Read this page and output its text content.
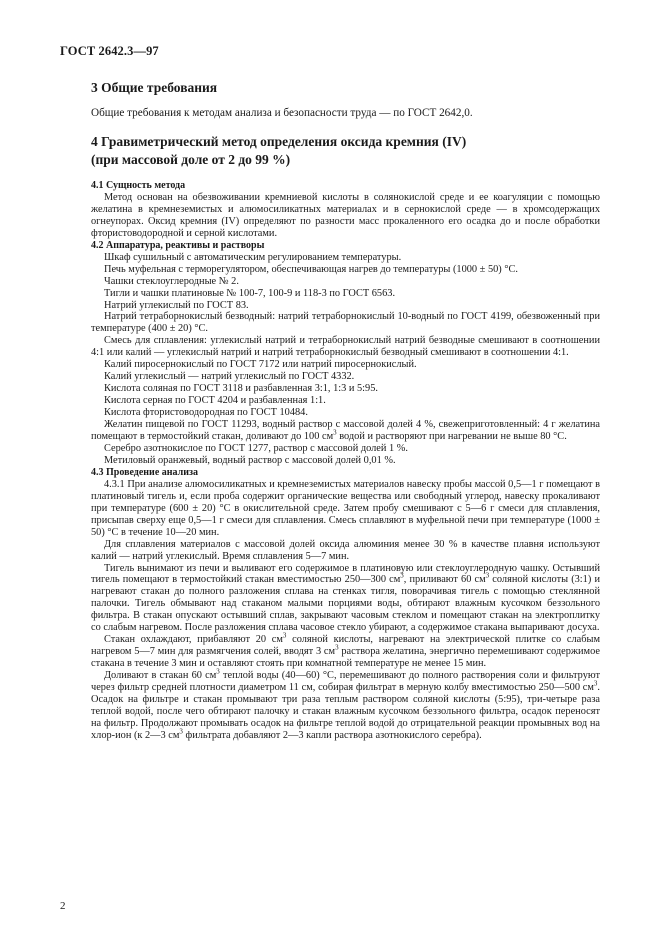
ГОСТ 2642.3—97
3 Общие требования
Общие требования к методам анализа и безопасности труда — по ГОСТ 2642,0.
4 Гравиметрический метод определения оксида кремния (IV)
(при массовой доле от 2 до 99 %)

4.1 Сущность метода

Метод основан на обезвоживании кремниевой кислоты в солянокислой среде и ее коагуляции с помощью желатина в кремнеземистых и алюмосиликатных материалах и в сернокислой среде — в хромсодержащих огнеупорах. Оксид кремния (IV) определяют по разности масс прокаленного его осадка до и после обработки фтористоводородной и серной кислотами.

4.2 Аппаратура, реактивы и растворы

Шкаф сушильный с автоматическим регулированием температуры.

Печь муфельная с терморегулятором, обеспечивающая нагрев до температуры (1000 ± 50) °С.

Чашки стеклоуглеродные № 2.

Тигли и чашки платиновые № 100-7, 100-9 и 118-3 по ГОСТ 6563.

Натрий углекислый по ГОСТ 83.

Натрий тетраборнокислый безводный: натрий тетраборнокислый 10-водный по ГОСТ 4199, обезвоженный при температуре (400 ± 20) °С.

Смесь для сплавления: углекислый натрий и тетраборнокислый натрий безводные смешивают в соотношении 4:1 или калий — углекислый натрий и натрий тетраборнокислый безводный смешивают в соотношении 4:1.

Калий пиросернокислый по ГОСТ 7172 или натрий пиросернокислый.

Калий углекислый — натрий углекислый по ГОСТ 4332.

Кислота соляная по ГОСТ 3118 и разбавленная 3:1, 1:3 и 5:95.

Кислота серная по ГОСТ 4204 и разбавленная 1:1.

Кислота фтористоводородная по ГОСТ 10484.

Желатин пищевой по ГОСТ 11293, водный раствор с массовой долей 4 %, свежеприготовленный: 4 г желатина помещают в термостойкий стакан, доливают до 100 $см^3$ водой и растворяют при нагревании не выше 80 °С.

Серебро азотнокислое по ГОСТ 1277, раствор с массовой долей 1 %.

Метиловый оранжевый, водный раствор с массовой долей 0,01 %.

4.3 Проведение анализа

4.3.1 При анализе алюмосиликатных и кремнеземистых материалов навеску пробы массой 0,5—1 г помещают в платиновый тигель и, если проба содержит органические вещества или свободный углерод, навеску прокаливают при температуре (600 ± 20) °С в окислительной среде. Затем пробу смешивают с 5—6 г смеси для сплавления, присыпав сверху еще 0,5—1 г смеси для сплавления. Смесь сплавляют в муфельной печи при температуре (1000 ± 50) °С в течение 10—20 мин.

Для сплавления материалов с массовой долей оксида алюминия менее 30 % в качестве плавня используют калий — натрий углекислый. Время сплавления 5—7 мин.

Тигель вынимают из печи и выливают его содержимое в платиновую или стеклоуглеродную чашку. Остывший тигель помещают в термостойкий стакан вместимостью 250—300 $см^3$, приливают 60 $см^3$ соляной кислоты (3:1) и нагревают стакан до полного разложения сплава на стенках тигля, поворачивая тигель с помощью стеклянной палочки. Тигель обмывают над стаканом малыми порциями воды, обтирают влажным кусочком беззольного фильтра. В стакан опускают остывший сплав, закрывают часовым стеклом и помещают стакан на электроплитку со слабым нагревом. После разложения сплава часовое стекло убирают, а содержимое стакана выпаривают досуха.

Стакан охлаждают, прибавляют 20 $см^3$ соляной кислоты, нагревают на электрической плитке со слабым нагревом 5—7 мин для размягчения солей, вводят 3 $см^3$ раствора желатина, энергично перемешивают содержимое стакана в течение 3 мин и оставляют стоять при комнатной температуре не менее 15 мин.

Доливают в стакан 60 $см^3$ теплой воды (40—60) °С, перемешивают до полного растворения соли и фильтруют через фильтр средней плотности диаметром 11 см, собирая фильтрат в мерную колбу вместимостью 250—500 $см^3$. Осадок на фильтре и стакан промывают три раза теплым раствором соляной кислоты (5:95), три-четыре раза теплой водой, после чего обтирают палочку и стакан влажным кусочком беззольного фильтра, осадок переносят на фильтр. Продолжают промывать осадок на фильтре теплой водой до отрицательной реакции промывных вод на хлор-ион (к 2—3 $см^3$ фильтрата добавляют 2—3 капли раствора азотнокислого серебра).

2
